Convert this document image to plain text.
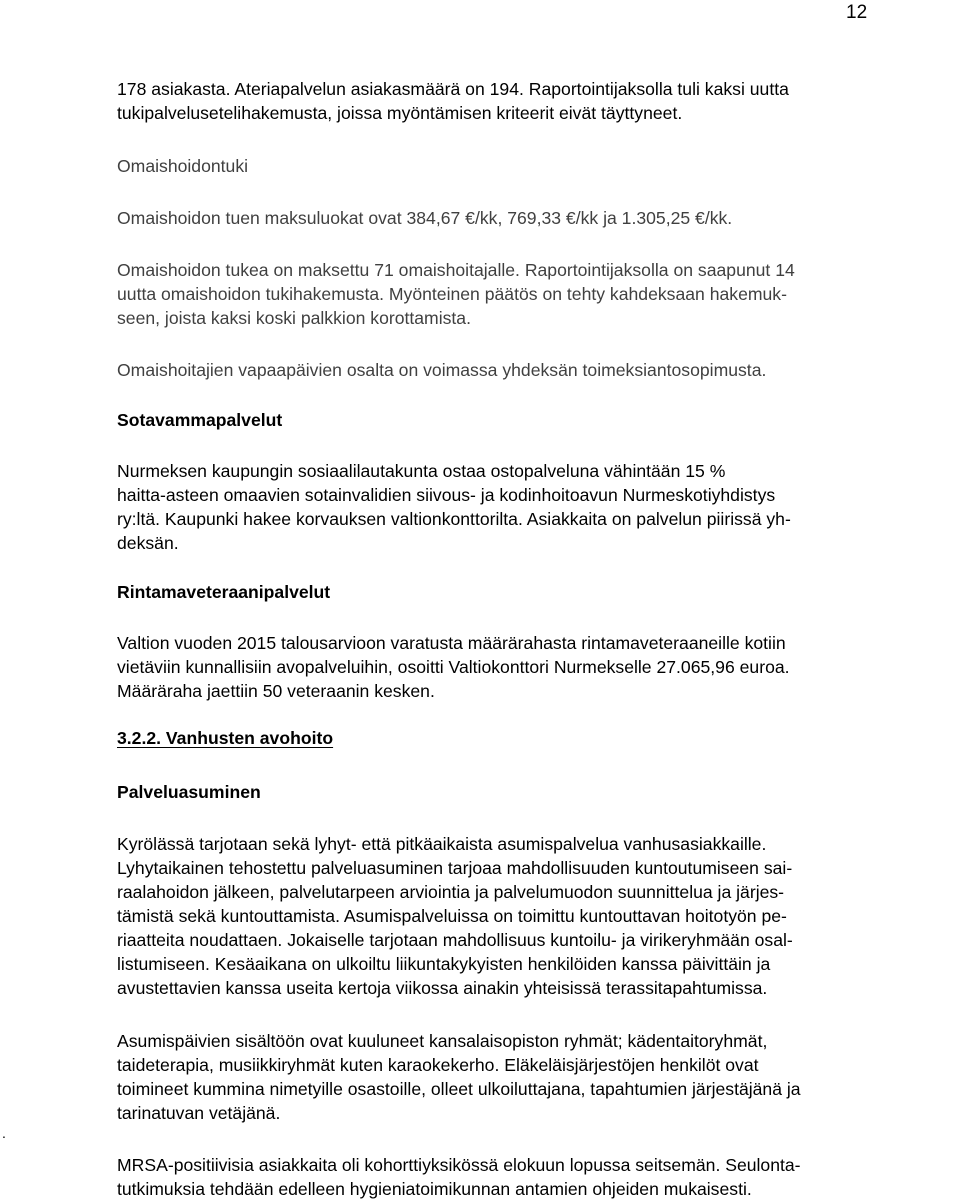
12
.
178 asiakasta. Ateriapalvelun asiakasmäärä on 194. Raportointijaksolla tuli kaksi uutta
tukipalvelusetelihakemusta, joissa myöntämisen kriteerit eivät täyttyneet.
Omaishoidontuki
Omaishoidon tuen maksuluokat ovat 384,67 €/kk, 769,33 €/kk ja 1.305,25 €/kk.
Omaishoidon tukea on maksettu 71 omaishoitajalle. Raportointijaksolla on saapunut 14
uutta omaishoidon tukihakemusta. Myönteinen päätös on tehty kahdeksaan hakemuk-
seen, joista kaksi koski palkkion korottamista.
Omaishoitajien vapaapäivien osalta on voimassa yhdeksän toimeksiantosopimusta.
Sotavammapalvelut
Nurmeksen kaupungin sosiaalilautakunta ostaa ostopalveluna vähintään 15 %
haitta-asteen omaavien sotainvalidien siivous- ja kodinhoitoavun Nurmeskotiyhdistys
ry:ltä. Kaupunki hakee korvauksen valtionkonttorilta. Asiakkaita on palvelun piirissä yh-
deksän.
Rintamaveteraanipalvelut
Valtion vuoden 2015 talousarvioon varatusta määrärahasta rintamaveteraaneille kotiin
vietäviin kunnallisiin avopalveluihin, osoitti Valtiokonttori Nurmekselle 27.065,96 euroa.
Määräraha jaettiin 50 veteraanin kesken.
3.2.2. Vanhusten avohoito
Palveluasuminen
Kyrölässä tarjotaan sekä lyhyt- että pitkäaikaista asumispalvelua vanhusasiakkaille.
Lyhytaikainen tehostettu palveluasuminen tarjoaa mahdollisuuden kuntoutumiseen sai-
raalahoidon jälkeen, palvelutarpeen arviointia ja palvelumuodon suunnittelua ja järjes-
tämistä sekä kuntouttamista. Asumispalveluissa on toimittu kuntouttavan hoitotyön pe-
riaatteita noudattaen. Jokaiselle tarjotaan mahdollisuus kuntoilu- ja virikeryhmään osal-
listumiseen. Kesäaikana on ulkoiltu liikuntakykyisten henkilöiden kanssa päivittäin ja
avustettavien kanssa useita kertoja viikossa ainakin yhteisissä terassitapahtumissa.
Asumispäivien sisältöön ovat kuuluneet kansalaisopiston ryhmät; kädentaitoryhmät,
taideterapia, musiikkiryhmät kuten karaokekerho. Eläkeläisjärjestöjen henkilöt ovat
toimineet kummina nimetyille osastoille, olleet ulkoiluttajana, tapahtumien järjestäjänä ja
tarinatuvan vetäjänä.
MRSA-positiivisia asiakkaita oli kohorttiyksikössä elokuun lopussa seitsemän. Seulonta-
tutkimuksia tehdään edelleen hygieniatoimikunnan antamien ohjeiden mukaisesti.
